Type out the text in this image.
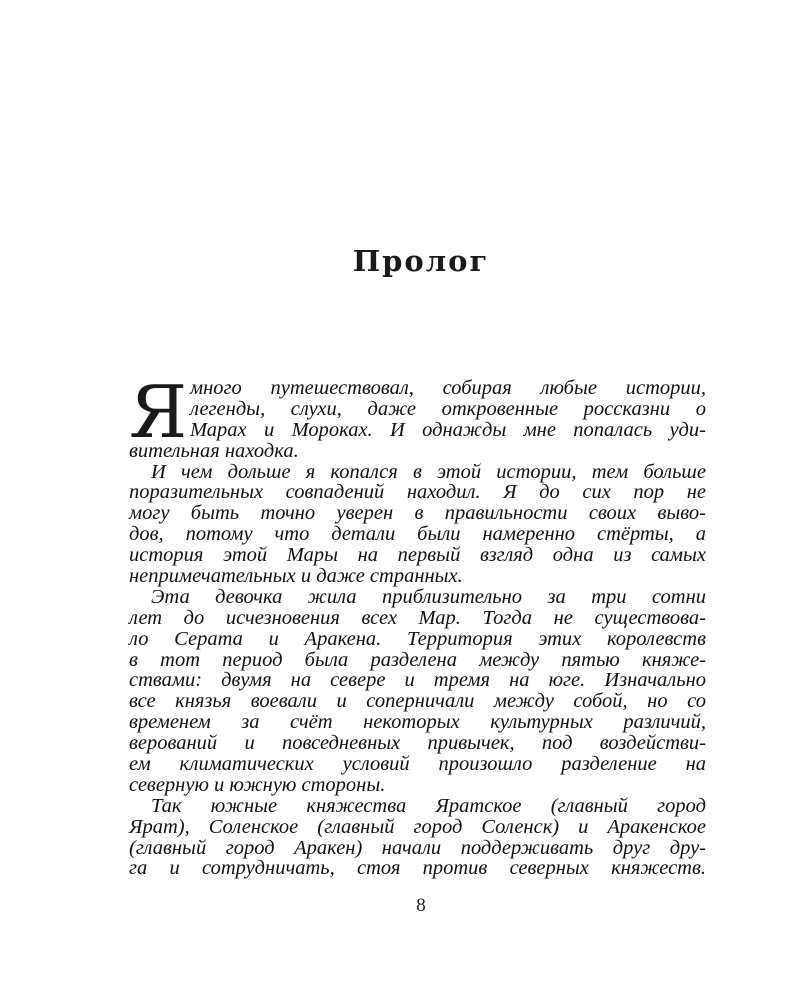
Пролог
Я много путешествовал, собирая любые истории,
легенды, слухи, даже откровенные россказни о
Марах и Мороках. И однажды мне попалась уди-
вительная находка.
И чем дольше я копался в этой истории, тем больше
поразительных совпадений находил. Я до сих пор не
могу быть точно уверен в правильности своих выво-
дов, потому что детали были намеренно стёрты, а
история этой Мары на первый взгляд одна из самых
непримечательных и даже странных.
Эта девочка жила приблизительно за три сотни
лет до исчезновения всех Мар. Тогда не существова-
ло Серата и Аракена. Территория этих королевств
в тот период была разделена между пятью княже-
ствами: двумя на севере и тремя на юге. Изначально
все князья воевали и соперничали между собой, но со
временем за счёт некоторых культурных различий,
верований и повседневных привычек, под воздействи-
ем климатических условий произошло разделение на
северную и южную стороны.
Так южные княжества Яратское (главный город
Ярат), Соленское (главный город Соленск) и Аракенское
(главный город Аракен) начали поддерживать друг дру-
га и сотрудничать, стоя против северных княжеств.
8
